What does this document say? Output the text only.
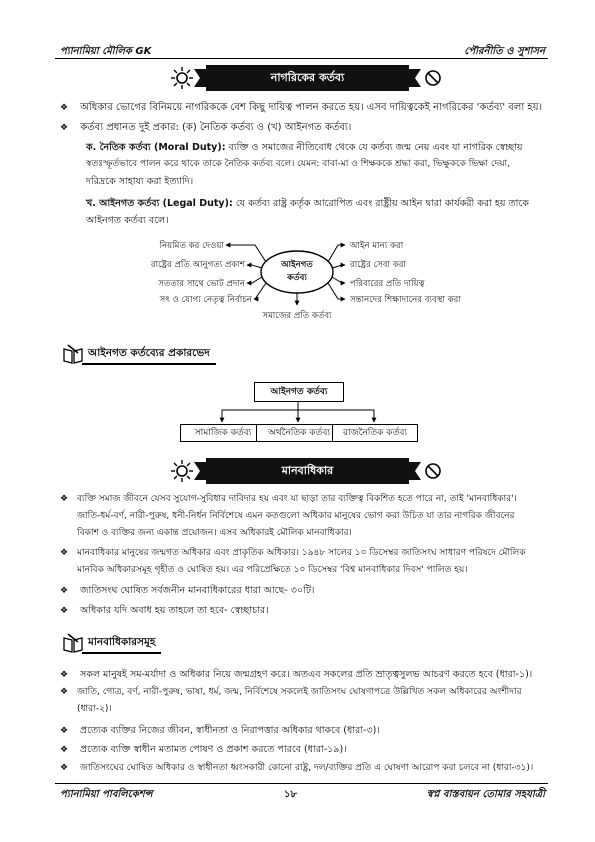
প্যানামিয়া মৌলিক GK	পৌরনীতি ও সুশাসন
নাগরিকের কর্তব্য
❖ অধিকার ভোগের বিনিময়ে নাগরিককে বেশ কিছু দায়িত্ব পালন করতে হয়। এসব দায়িত্বকেই নাগরিকের 'কর্তব্য' বলা হয়।
❖ কর্তব্য প্রধানত দুই প্রকার: (ক) নৈতিক কর্তব্য ও (খ) আইনগত কর্তব্য।
ক. নৈতিক কর্তব্য (Moral Duty): ব্যক্তি ও সমাজের নীতিবোধ থেকে যে কর্তব্য জন্ম নেয় এবং যা নাগরিক স্বেচ্ছায়
স্বতঃস্ফূর্তভাবে পালন করে থাকে তাকে নৈতিক কর্তব্য বলে। যেমন: বাবা-মা ও শিক্ষককে শ্রদ্ধা করা, ভিক্ষুককে ভিক্ষা দেয়া,
দরিদ্রকে সাহায্য করা ইত্যাদি।
খ. আইনগত কর্তব্য (Legal Duty): যে কর্তব্য রাষ্ট্র কর্তৃক আরোপিত এবং রাষ্ট্রীয় আইন দ্বারা কার্যকরী করা হয় তাকে
আইনগত কর্তব্য বলে।
আইনগত
কর্তব্য
নিয়মিত কর দেওয়া
রাষ্ট্রের প্রতি আনুগত্য প্রকাশ
সততার সাথে ভোট প্রদান
সৎ ও যোগ্য নেতৃত্ব নির্বাচন
আইন মান্য করা
রাষ্ট্রের সেবা করা
পরিবারের প্রতি দায়িত্ব
সন্তানদের শিক্ষাদানের ব্যবস্থা করা
সমাজের প্রতি কর্তব্য
আইনগত কর্তব্যের প্রকারভেদ
আইনগত কর্তব্য
সামাজিক কর্তব্য	অর্থনৈতিক কর্তব্য	রাজনৈতিক কর্তব্য
মানবাধিকার
❖ ব্যক্তি সমাজ জীবনে যেসব সুযোগ-সুবিধার দাবিদার হয় এবং যা ছাড়া তার ব্যক্তিত্ব বিকশিত হতে পারে না, তাই 'মানবাধিকার'।
জাতি-ধর্ম-বর্ণ, নারী-পুরুষ, ধনী-নির্ধন নির্বিশেষে এমন কতগুলো অধিকার মানুষের ভোগ করা উচিত যা তার নাগরিক জীবনের
বিকাশ ও ব্যক্তির জন্য একান্ত প্রয়োজন। এসব অধিকারই মৌলিক মানবাধিকার।
❖ মানবাধিকার মানুষের জন্মগত অধিকার এবং প্রাকৃতিক অধিকার। ১৯৪৮ সালের ১০ ডিসেম্বর জাতিসংঘ সাধারণ পরিষদে মৌলিক
মানবিক অধিকারসমূহ গৃহীত ও ঘোষিত হয়। এর পরিপ্রেক্ষিতে ১০ ডিসেম্বর 'বিশ্ব মানবাধিকার দিবস' পালিত হয়।
❖ জাতিসংঘ ঘোষিত সর্বজনীন মানবাধিকারের ধারা আছে- ৩০টি।
❖ অধিকার যদি অবাধ হয় তাহলে তা হবে- স্বেচ্ছাচার।
মানবাধিকারসমূহ
❖ সকল মানুষই সম-মর্যাদা ও অধিকার নিয়ে জন্মগ্রহণ করে। অতএব সকলের প্রতি ভ্রাতৃত্বসুলভ আচরণ করতে হবে (ধারা-১)।
❖ জাতি, গোত্র, বর্ণ, নারী-পুরুষ, ভাষা, ধর্ম, জন্ম, নির্বিশেষে সকলেই জাতিসংঘ ঘোষণাপত্রে উল্লিখিত সকল অধিকারের অংশীদার
(ধারা-২)।
❖ প্রত্যেক ব্যক্তির নিজের জীবন, স্বাধীনতা ও নিরাপত্তার অধিকার থাকবে (ধারা-৩)।
❖ প্রত্যেক ব্যক্তি স্বাধীন মতামত পোষণ ও প্রকাশ করতে পারবে (ধারা-১৯)।
❖ জাতিসংঘের ঘোষিত অধিকার ও স্বাধীনতা ধ্বংসকারী কোনো রাষ্ট্র, দল/ব্যক্তির প্রতি এ ঘোষণা আরোপ করা চলবে না (ধারা-৩১)।
প্যানামিয়া পাবলিকেশন্স	১৮	স্বপ্ন বাস্তবায়ন তোমার সহযাত্রী
